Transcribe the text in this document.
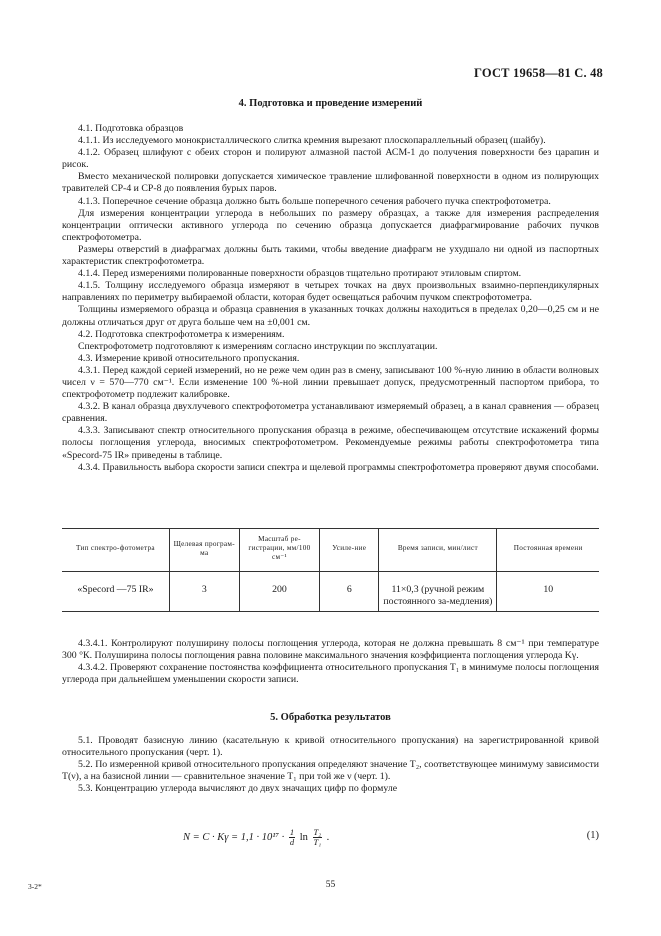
ГОСТ 19658—81 С. 48
4. Подготовка и проведение измерений

4.1. Подготовка образцов

4.1.1. Из исследуемого монокристаллического слитка кремния вырезают плоскопараллельный образец (шайбу).

4.1.2. Образец шлифуют с обеих сторон и полируют алмазной пастой АСМ-1 до получения поверхности без царапин и рисок.

Вместо механической полировки допускается химическое травление шлифованной поверхности в одном из полирующих травителей СР-4 и СР-8 до появления бурых паров.

4.1.3. Поперечное сечение образца должно быть больше поперечного сечения рабочего пучка спектрофотометра.

Для измерения концентрации углерода в небольших по размеру образцах, а также для измерения распределения концентрации оптически активного углерода по сечению образца допускается диафрагмирование рабочих пучков спектрофотометра.

Размеры отверстий в диафрагмах должны быть такими, чтобы введение диафрагм не ухудшало ни одной из паспортных характеристик спектрофотометра.

4.1.4. Перед измерениями полированные поверхности образцов тщательно протирают этиловым спиртом.

4.1.5. Толщину исследуемого образца измеряют в четырех точках на двух произвольных взаимно-перпендикулярных направлениях по периметру выбираемой области, которая будет освещаться рабочим пучком спектрофотометра.

Толщины измеряемого образца и образца сравнения в указанных точках должны находиться в пределах 0,20—0,25 см и не должны отличаться друг от друга больше чем на ±0,001 см.

4.2. Подготовка спектрофотометра к измерениям.

Спектрофотометр подготовляют к измерениям согласно инструкции по эксплуатации.

4.3. Измерение кривой относительного пропускания.

4.3.1. Перед каждой серией измерений, но не реже чем один раз в смену, записывают 100 %-ную линию в области волновых чисел ν = 570—770 см⁻¹. Если изменение 100 %-ной линии превышает допуск, предусмотренный паспортом прибора, то спектрофотометр подлежит калибровке.

4.3.2. В канал образца двухлучевого спектрофотометра устанавливают измеряемый образец, а в канал сравнения — образец сравнения.

4.3.3. Записывают спектр относительного пропускания образца в режиме, обеспечивающем отсутствие искажений формы полосы поглощения углерода, вносимых спектрофотометром. Рекомендуемые режимы работы спектрофотометра типа «Specord-75 IR» приведены в таблице.

4.3.4. Правильность выбора скорости записи спектра и щелевой программы спектрофотометра проверяют двумя способами.

Тип спектро-фотометра	Щелевая програм-ма	Масштаб ре-гистрации, мм/100 см⁻¹	Усиле-ние	Время записи, мин/лист	Постоянная времени
«Specord —75 IR»	3	200	6	11×0,3 (ручной режим постоянного за-медления)	10

4.3.4.1. Контролируют полуширину полосы поглощения углерода, которая не должна превышать 8 см⁻¹ при температуре 300 °К. Полуширина полосы поглощения равна половине максимального значения коэффициента поглощения углерода Kγ.

4.3.4.2. Проверяют сохранение постоянства коэффициента относительного пропускания T₁ в минимуме полосы поглощения углерода при дальнейшем уменьшении скорости записи.

5. Обработка результатов

5.1. Проводят базисную линию (касательную к кривой относительного пропускания) на зарегистрированной кривой относительного пропускания (черт. 1).

5.2. По измеренной кривой относительного пропускания определяют значение T₂, соответствующее минимуму зависимости T(ν), а на базисной линии — сравнительное значение T₁ при той же ν (черт. 1).

5.3. Концентрацию углерода вычисляют до двух значащих цифр по формуле

$N = C \cdot K\gamma = 1,1 \cdot 10^{17} \cdot \frac{1}{d}$ $\ln \frac{\text{T₂}}{\text{T₁}}$ .	(1)
3-2*	55
